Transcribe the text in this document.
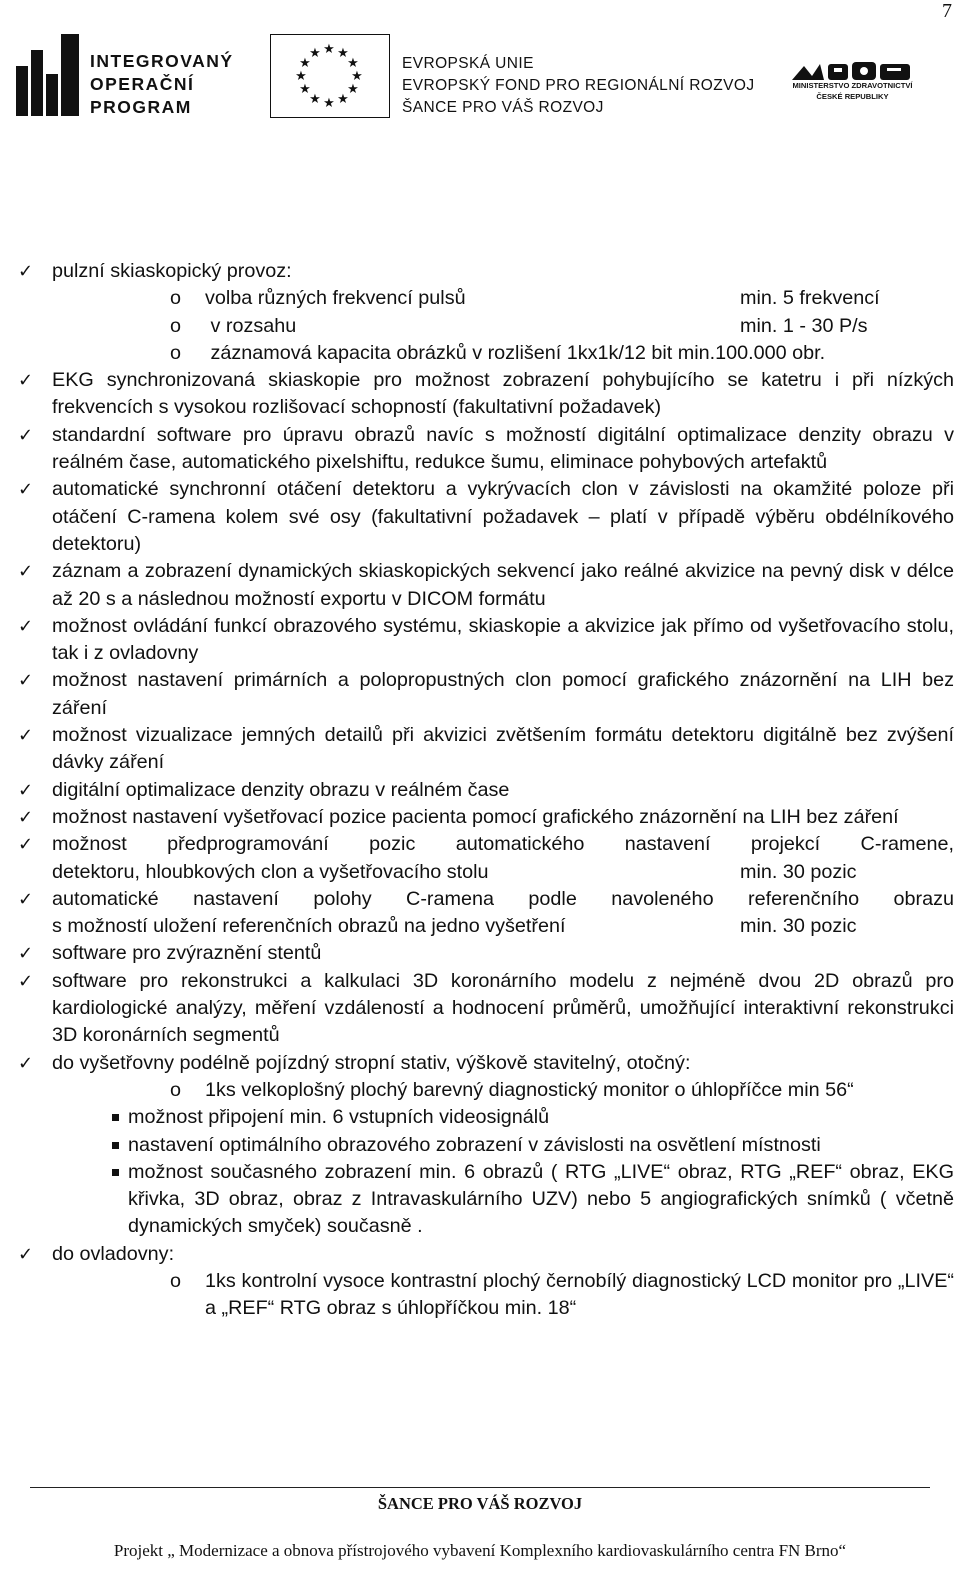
7
INTEGROVANÝ
OPERAČNÍ
PROGRAM
★ ★
★
★
★
★
★
★
★
★
★
★
EVROPSKÁ UNIE
EVROPSKÝ FOND PRO REGIONÁLNÍ ROZVOJ
ŠANCE PRO VÁŠ ROZVOJ
MINISTERSTVO ZDRAVOTNICTVÍ
ČESKÉ REPUBLIKY
✓ pulzní skiaskopický provoz:
o volba různých frekvencí pulsů	min. 5 frekvencí
o v rozsahu	min. 1 - 30 P/s
o záznamová kapacita obrázků v rozlišení 1kx1k/12 bit min.100.000 obr.
✓ EKG synchronizovaná skiaskopie pro možnost zobrazení pohybujícího se katetru i při nízkých frekvencích s vysokou rozlišovací schopností (fakultativní požadavek)
✓ standardní software pro úpravu obrazů navíc s možností digitální optimalizace denzity obrazu v reálném čase, automatického pixelshiftu, redukce šumu, eliminace pohybových artefaktů
✓ automatické synchronní otáčení detektoru a vykrývacích clon v závislosti na okamžité poloze při otáčení C-ramena kolem své osy (fakultativní požadavek – platí v případě výběru obdélníkového detektoru)
✓ záznam a zobrazení dynamických skiaskopických sekvencí jako reálné akvizice na pevný disk v délce až 20 s a následnou možností exportu v DICOM formátu
✓ možnost ovládání funkcí obrazového systému, skiaskopie a akvizice jak přímo od vyšetřovacího stolu, tak i z ovladovny
✓ možnost nastavení primárních a polopropustných clon pomocí grafického znázornění na LIH bez záření
✓ možnost vizualizace jemných detailů při akvizici zvětšením formátu detektoru digitálně bez zvýšení dávky záření
✓ digitální optimalizace denzity obrazu v reálném čase
✓ možnost nastavení vyšetřovací pozice pacienta pomocí grafického znázornění na LIH bez záření
✓ možnost předprogramování pozic automatického nastavení projekcí C-ramene,
detektoru, hloubkových clon a vyšetřovacího stolu	min. 30 pozic
✓ automatické nastavení polohy C-ramena podle navoleného referenčního obrazu
s možností uložení referenčních obrazů na jedno vyšetření	min. 30 pozic
✓ software pro zvýraznění stentů
✓ software pro rekonstrukci a kalkulaci 3D koronárního modelu z nejméně dvou 2D obrazů pro kardiologické analýzy, měření vzdáleností a hodnocení průměrů, umožňující interaktivní rekonstrukci 3D koronárních segmentů
✓ do vyšetřovny podélně pojízdný stropní stativ, výškově stavitelný, otočný:
o 1ks velkoplošný plochý barevný diagnostický monitor o úhlopříčce min 56“
možnost připojení min. 6 vstupních videosignálů
nastavení optimálního obrazového zobrazení v závislosti na osvětlení místnosti
možnost současného zobrazení min. 6 obrazů ( RTG „LIVE“ obraz, RTG „REF“ obraz, EKG křivka, 3D obraz, obraz z Intravaskulárního UZV) nebo 5 angiografických snímků ( včetně dynamických smyček) současně .
✓ do ovladovny:
o 1ks kontrolní vysoce kontrastní plochý černobílý diagnostický LCD monitor pro „LIVE“ a „REF“ RTG obraz s úhlopříčkou min. 18“
ŠANCE PRO VÁŠ ROZVOJ
Projekt „ Modernizace a obnova přístrojového vybavení Komplexního kardiovaskulárního centra FN Brno“
